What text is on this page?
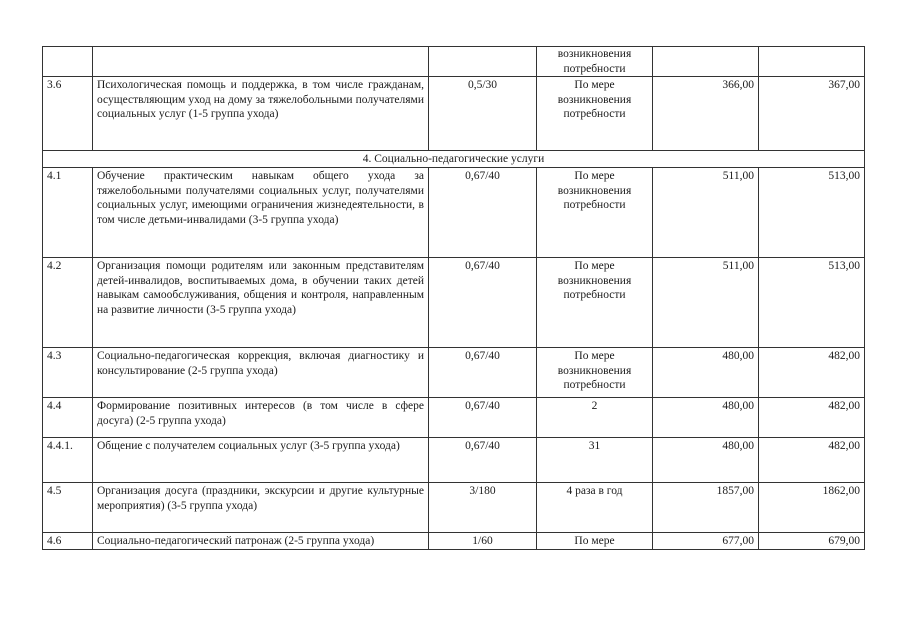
			возникновения потребности		
3.6	Психологическая помощь и поддержка, в том числе гражданам, осуществляющим уход на дому за тяжелобольными получателями социальных услуг (1-5 группа ухода)	0,5/30	По мере возникновения потребности	366,00	367,00
4. Социально-педагогические услуги					
4.1	Обучение практическим навыкам общего ухода за тяжелобольными получателями социальных услуг, получателями социальных услуг, имеющими ограничения жизнедеятельности, в том числе детьми-инвалидами (3-5 группа ухода)	0,67/40	По мере возникновения потребности	511,00	513,00
4.2	Организация помощи родителям или законным представителям детей-инвалидов, воспитываемых дома, в обучении таких детей навыкам самообслуживания, общения и контроля, направленным на развитие личности (3-5 группа ухода)	0,67/40	По мере возникновения потребности	511,00	513,00
4.3	Социально-педагогическая коррекция, включая диагностику и консультирование (2-5 группа ухода)	0,67/40	По мере возникновения потребности	480,00	482,00
4.4	Формирование позитивных интересов (в том числе в сфере досуга) (2-5 группа ухода)	0,67/40	2	480,00	482,00
4.4.1.	Общение с получателем социальных услуг (3-5 группа ухода)	0,67/40	31	480,00	482,00
4.5	Организация досуга (праздники, экскурсии и другие культурные мероприятия) (3-5 группа ухода)	3/180	4 раза в год	1857,00	1862,00
4.6	Социально-педагогический патронаж (2-5 группа ухода)	1/60	По мере	677,00	679,00
